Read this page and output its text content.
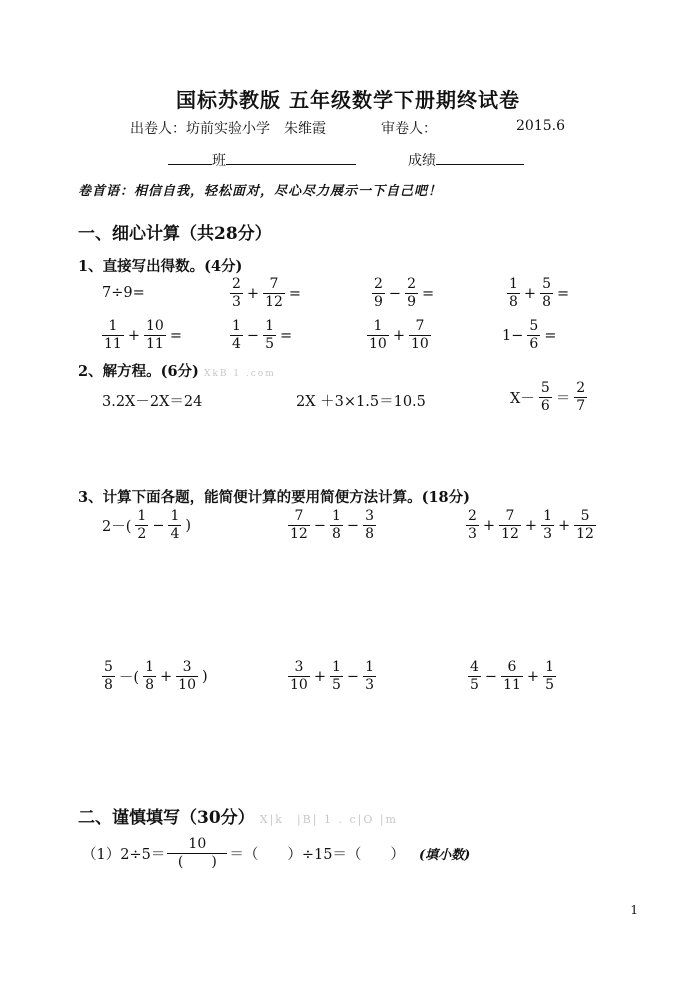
国标苏教版 五年级数学下册期终试卷
出卷人：坊前实验小学　朱维霞	审卷人：	2015.6
班	成绩
卷首语：相信自我，轻松面对，尽心尽力展示一下自己吧！
一、细心计算（共28分）
1、直接写出得数。(4分)
7÷9=	$\frac{2}{3} + \frac{7}{12}$ =	$\frac{2}{9} - \frac{2}{9}$ =	$\frac{1}{8} + \frac{5}{8}$ =
$\frac{1}{11} + \frac{10}{11}$ =	$\frac{1}{4} - \frac{1}{5}$ =	$\frac{1}{10} + \frac{7}{10}$	$1- \frac{5}{6}$ =
2、解方程。(6分) XkB 1 .com
3.2X－2X＝24	2X ＋3×1.5＝10.5	$X- \frac{5}{6} = \frac{2}{7}$
3、计算下面各题，能简便计算的要用简便方法计算。(18分)
$2-( \frac{1}{2} - \frac{1}{4}$ )	$\frac{7}{12} - \frac{1}{8} - \frac{3}{8}$	$\frac{2}{3} + \frac{7}{12} + \frac{1}{3} + \frac{5}{12}$
$\frac{5}{8}$ －( $\frac{1}{8} + \frac{3}{10}$ )	$\frac{3}{10} + \frac{1}{5} - \frac{1}{3}$	$\frac{4}{5} - \frac{6}{11} + \frac{1}{5}$
二、谨慎填写（30分） X|k　|B| 1 . c|O |m
$(1)2\div 5= \frac{10}{( )}$ ＝（　　）÷15＝（　　） (填小数)
1
